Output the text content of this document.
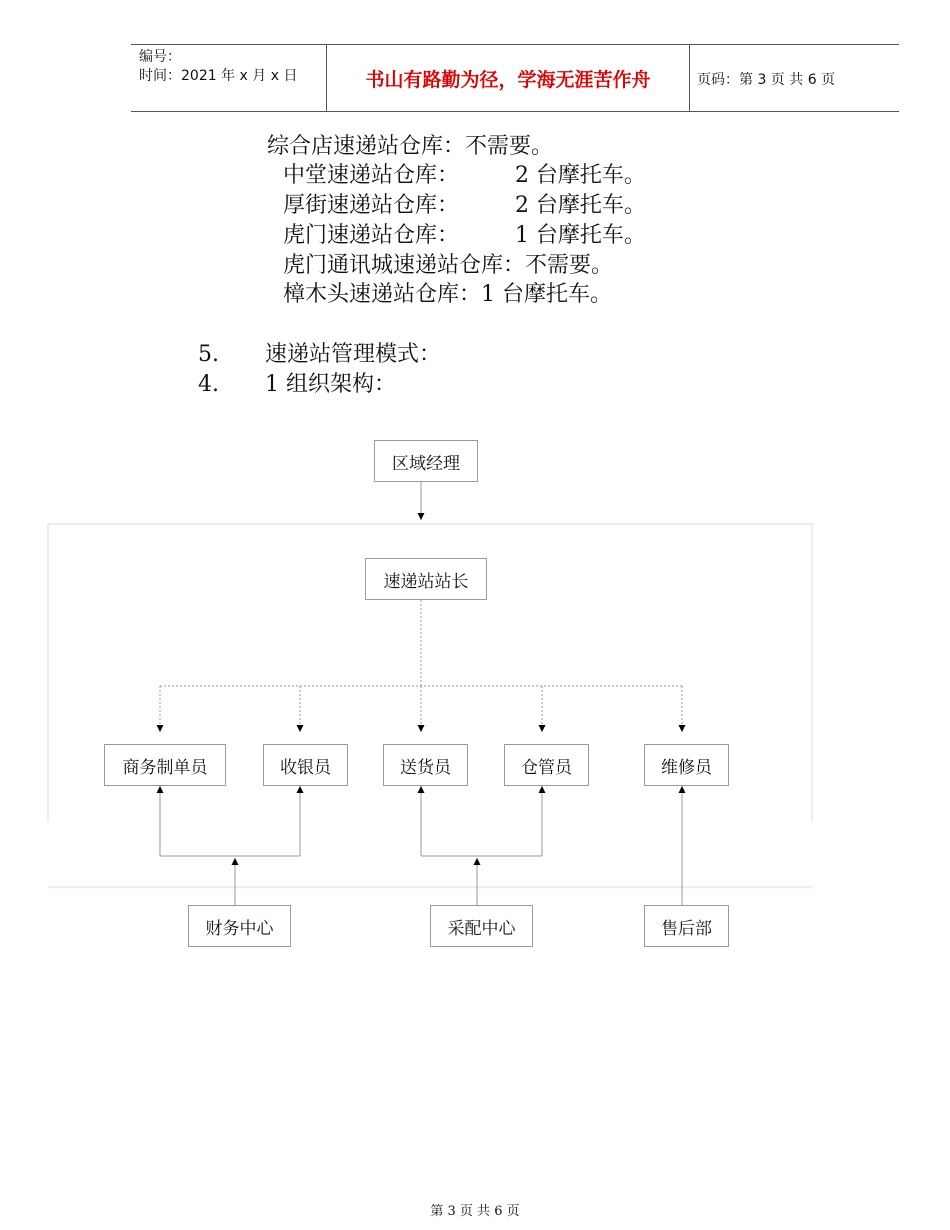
编号：
时间：2021 年 x 月 x 日	书山有路勤为径，学海无涯苦作舟	页码：第 3 页 共 6 页
综合店速递站仓库：不需要。
中堂速递站仓库：        2 台摩托车。
厚街速递站仓库：        2 台摩托车。
虎门速递站仓库：        1 台摩托车。
虎门通讯城速递站仓库：不需要。
樟木头速递站仓库：1 台摩托车。
5. 速递站管理模式：
4. 1 组织架构：
区域经理
速递站站长
商务制单员	收银员	送货员	仓管员	维修员
财务中心	采配中心	售后部
第 3 页 共 6 页
